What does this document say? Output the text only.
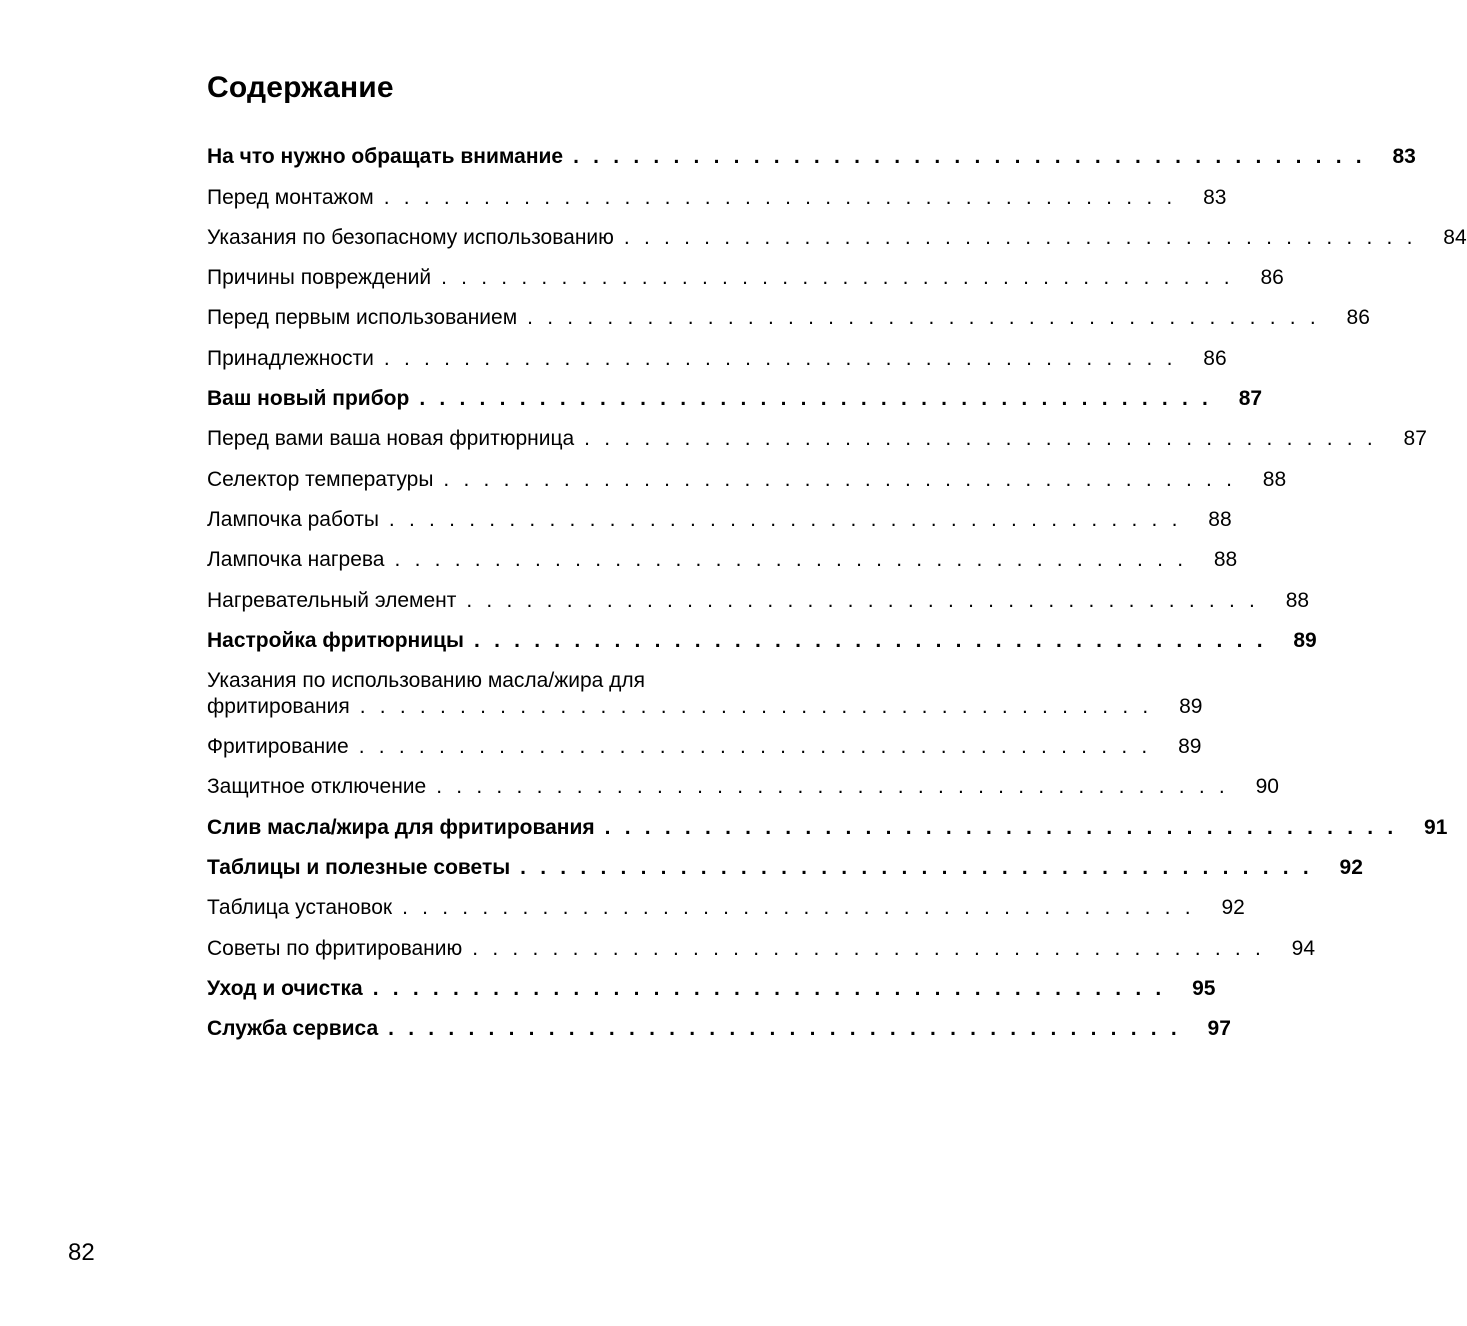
Содержание
На что нужно обращать внимание . . . . . . . . . . . . . . . . . . . . . . . . . . . . . . . . . . . . . . . .	83
Перед монтажом . . . . . . . . . . . . . . . . . . . . . . . . . . . . . . . . . . . . . . . .	83
Указания по безопасному использованию . . . . . . . . . . . . . . . . . . . . . . . . . . . . . . . . . . . . . . . .	84
Причины повреждений . . . . . . . . . . . . . . . . . . . . . . . . . . . . . . . . . . . . . . . .	86
Перед первым использованием . . . . . . . . . . . . . . . . . . . . . . . . . . . . . . . . . . . . . . . .	86
Принадлежности . . . . . . . . . . . . . . . . . . . . . . . . . . . . . . . . . . . . . . . .	86
Ваш новый прибор . . . . . . . . . . . . . . . . . . . . . . . . . . . . . . . . . . . . . . . .	87
Перед вами ваша новая фритюрница . . . . . . . . . . . . . . . . . . . . . . . . . . . . . . . . . . . . . . . .	87
Селектор температуры . . . . . . . . . . . . . . . . . . . . . . . . . . . . . . . . . . . . . . . .	88
Лампочка работы . . . . . . . . . . . . . . . . . . . . . . . . . . . . . . . . . . . . . . . .	88
Лампочка нагрева . . . . . . . . . . . . . . . . . . . . . . . . . . . . . . . . . . . . . . . .	88
Нагревательный элемент . . . . . . . . . . . . . . . . . . . . . . . . . . . . . . . . . . . . . . . .	88
Настройка фритюрницы . . . . . . . . . . . . . . . . . . . . . . . . . . . . . . . . . . . . . . . .	89
Указания по использованию масла/жира для
фритирования . . . . . . . . . . . . . . . . . . . . . . . . . . . . . . . . . . . . . . . .	89
Фритирование . . . . . . . . . . . . . . . . . . . . . . . . . . . . . . . . . . . . . . . .	89
Защитное отключение . . . . . . . . . . . . . . . . . . . . . . . . . . . . . . . . . . . . . . . .	90
Слив масла/жира для фритирования . . . . . . . . . . . . . . . . . . . . . . . . . . . . . . . . . . . . . . . .	91
Таблицы и полезные советы . . . . . . . . . . . . . . . . . . . . . . . . . . . . . . . . . . . . . . . .	92
Таблица установок . . . . . . . . . . . . . . . . . . . . . . . . . . . . . . . . . . . . . . . .	92
Советы по фритированию . . . . . . . . . . . . . . . . . . . . . . . . . . . . . . . . . . . . . . . .	94
Уход и очистка . . . . . . . . . . . . . . . . . . . . . . . . . . . . . . . . . . . . . . . .	95
Служба сервиса . . . . . . . . . . . . . . . . . . . . . . . . . . . . . . . . . . . . . . . .	97
82
